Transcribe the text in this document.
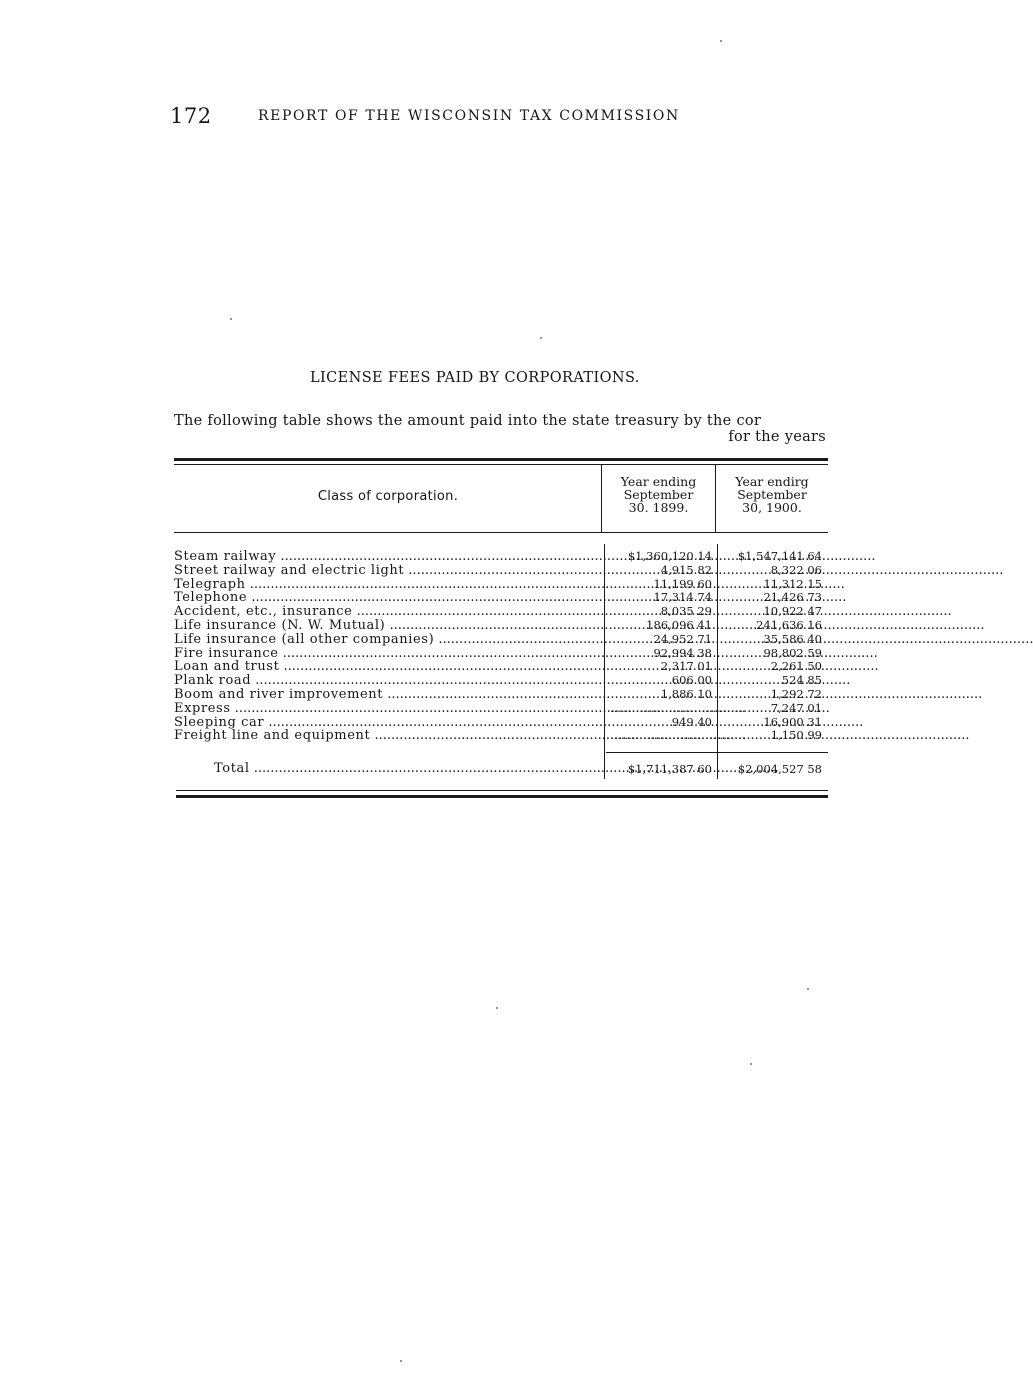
172	REPORT OF THE WISCONSIN TAX COMMISSION
LICENSE FEES PAID BY CORPORATIONS.
The following table shows the amount paid into the state treasury by the cor
for the years
Class of corporation.
Year ending
September
30. 1899.
Year endirg
September
30, 1900.
Steam railway .....	$1,360,120 14	$1,547,141 64
Street railway and electric light .....	4,915 82	8,322 06
Telegraph .....	11,199 60	11,312 15
Telephone .....	17,314 74	21,426 73
Accident, etc., insurance .....	8,035 29	10,922 47
Life insurance (N. W. Mutual) .....	186,096 41	241,636 16
Life insurance (all other companies) .....	24,952 71	35,586 40
Fire insurance .....	92,994 38	98,802 59
Loan and trust .....	2,317 01	2,261 50
Plank road .....	606 00	524 85
Boom and river improvement .....	1,886 10	1,292 72
Express .....	.....................................	7,247 01
Sleeping car .....	949 40	16,900 31
Freight line and equipment .....	.....................................	1,150 99
Total .....	$1,711,387 60	$2,004,527 58
